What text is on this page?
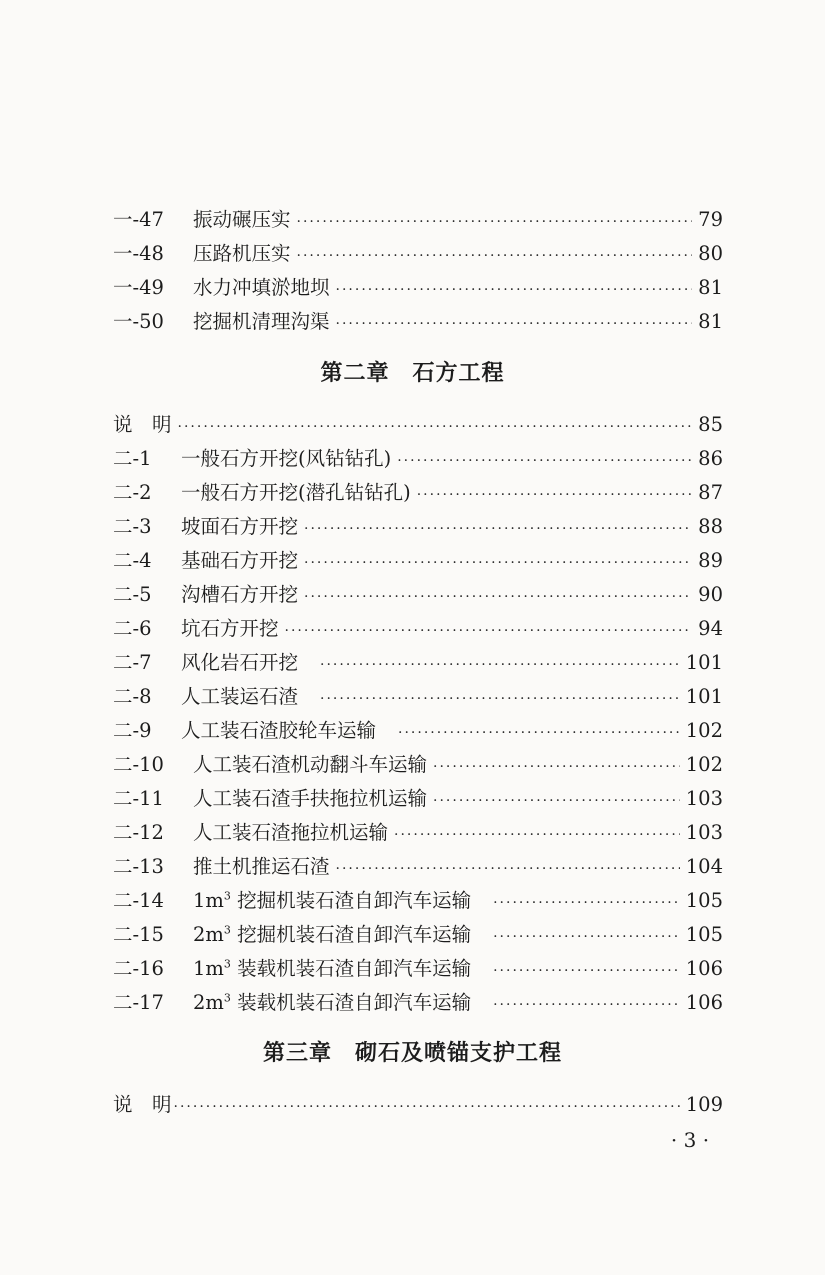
一-47	振动碾压实 ·····	79
一-48	压路机压实 ·····	80
一-49	水力冲填淤地坝 ·····	81
一-50	挖掘机清理沟渠 ·····	81
第二章　石方工程
说　明 ·····	85
二-1	一般石方开挖(风钻钻孔) ·····	86
二-2	一般石方开挖(潜孔钻钻孔) ·····	87
二-3	坡面石方开挖 ·····	88
二-4	基础石方开挖 ·····	89
二-5	沟槽石方开挖 ·····	90
二-6	坑石方开挖 ·····	94
二-7	风化岩石开挖 ·····	101
二-8	人工装运石渣 ·····	101
二-9	人工装石渣胶轮车运输 ·····	102
二-10	人工装石渣机动翻斗车运输 ·····	102
二-11	人工装石渣手扶拖拉机运输 ·····	103
二-12	人工装石渣拖拉机运输 ·····	103
二-13	推土机推运石渣 ·····	104
二-14	$1m^3$ 挖掘机装石渣自卸汽车运输 ·····	105
二-15	$2m^3$ 挖掘机装石渣自卸汽车运输 ·····	105
二-16	$1m^3$ 装载机装石渣自卸汽车运输 ·····	106
二-17	$2m^3$ 装载机装石渣自卸汽车运输 ·····	106
第三章　砌石及喷锚支护工程
说　明 ·····	109
· 3 ·
